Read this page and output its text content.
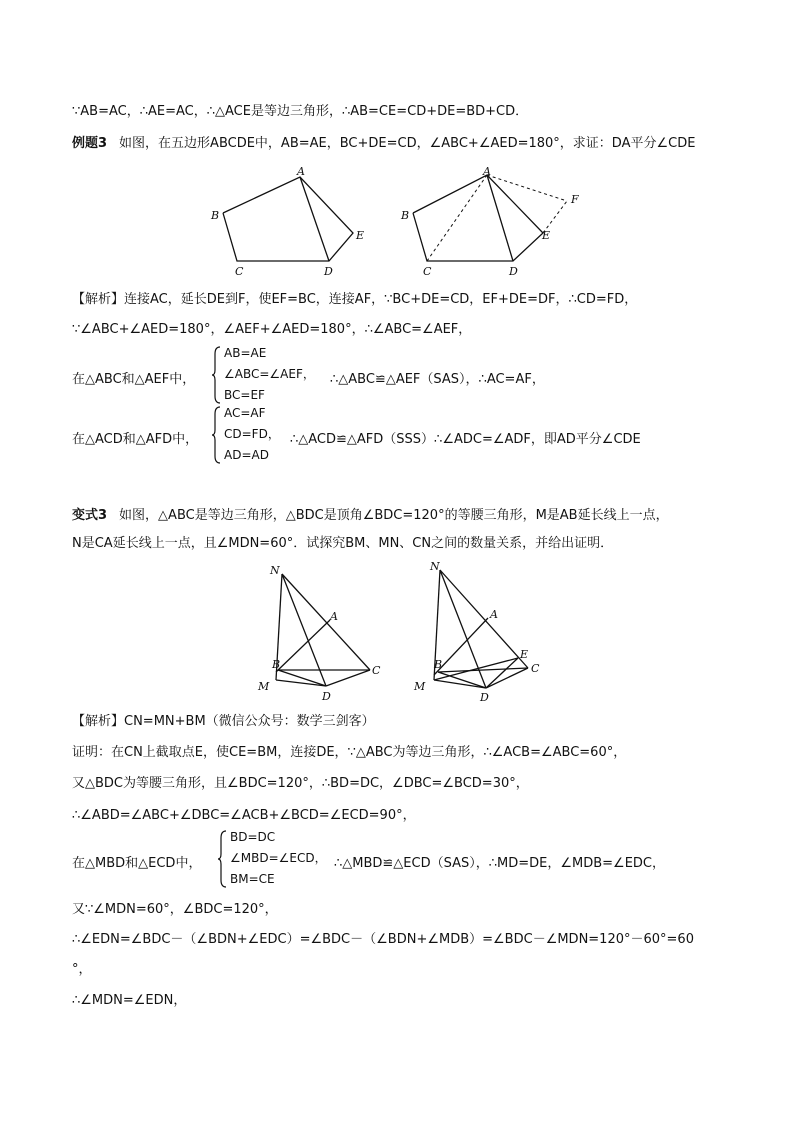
∵AB=AC，∴AE=AC，∴△ACE是等边三角形，∴AB=CE=CD+DE=BD+CD．
例题3 如图，在五边形ABCDE中，AB=AE，BC+DE=CD，∠ABC+∠AED=180°，求证：DA平分∠CDE
A
B
C	D
E
A
B
C	D
E
F
【解析】连接AC，延长DE到F，使EF=BC，连接AF，∵BC+DE=CD，EF+DE=DF，∴CD=FD，
∵∠ABC+∠AED=180°，∠AEF+∠AED=180°，∴∠ABC=∠AEF，
在△ABC和△AEF中，
AB=AE
∠ABC=∠AEF，
BC=EF
∴△ABC≌△AEF（SAS），∴AC=AF，
在△ACD和△AFD中，
AC=AF
CD=FD，
AD=AD
∴△ACD≌△AFD（SSS）∴∠ADC=∠ADF，即AD平分∠CDE
变式3 如图，△ABC是等边三角形，△BDC是顶角∠BDC=120°的等腰三角形，M是AB延长线上一点，
N是CA延长线上一点，且∠MDN=60°．试探究BM、MN、CN之间的数量关系，并给出证明．
N
A
B	C
M
D
N
A
B	C
M
D
E
【解析】CN=MN+BM（微信公众号：数学三剑客）
证明：在CN上截取点E，使CE=BM，连接DE，∵△ABC为等边三角形，∴∠ACB=∠ABC=60°，
又△BDC为等腰三角形，且∠BDC=120°，∴BD=DC，∠DBC=∠BCD=30°，
∴∠ABD=∠ABC+∠DBC=∠ACB+∠BCD=∠ECD=90°，
在△MBD和△ECD中，
BD=DC
∠MBD=∠ECD，
BM=CE
∴△MBD≌△ECD（SAS），∴MD=DE，∠MDB=∠EDC，
又∵∠MDN=60°，∠BDC=120°，
∴∠EDN=∠BDC－（∠BDN+∠EDC）=∠BDC－（∠BDN+∠MDB）=∠BDC－∠MDN=120°－60°=60
°，
∴∠MDN=∠EDN，
